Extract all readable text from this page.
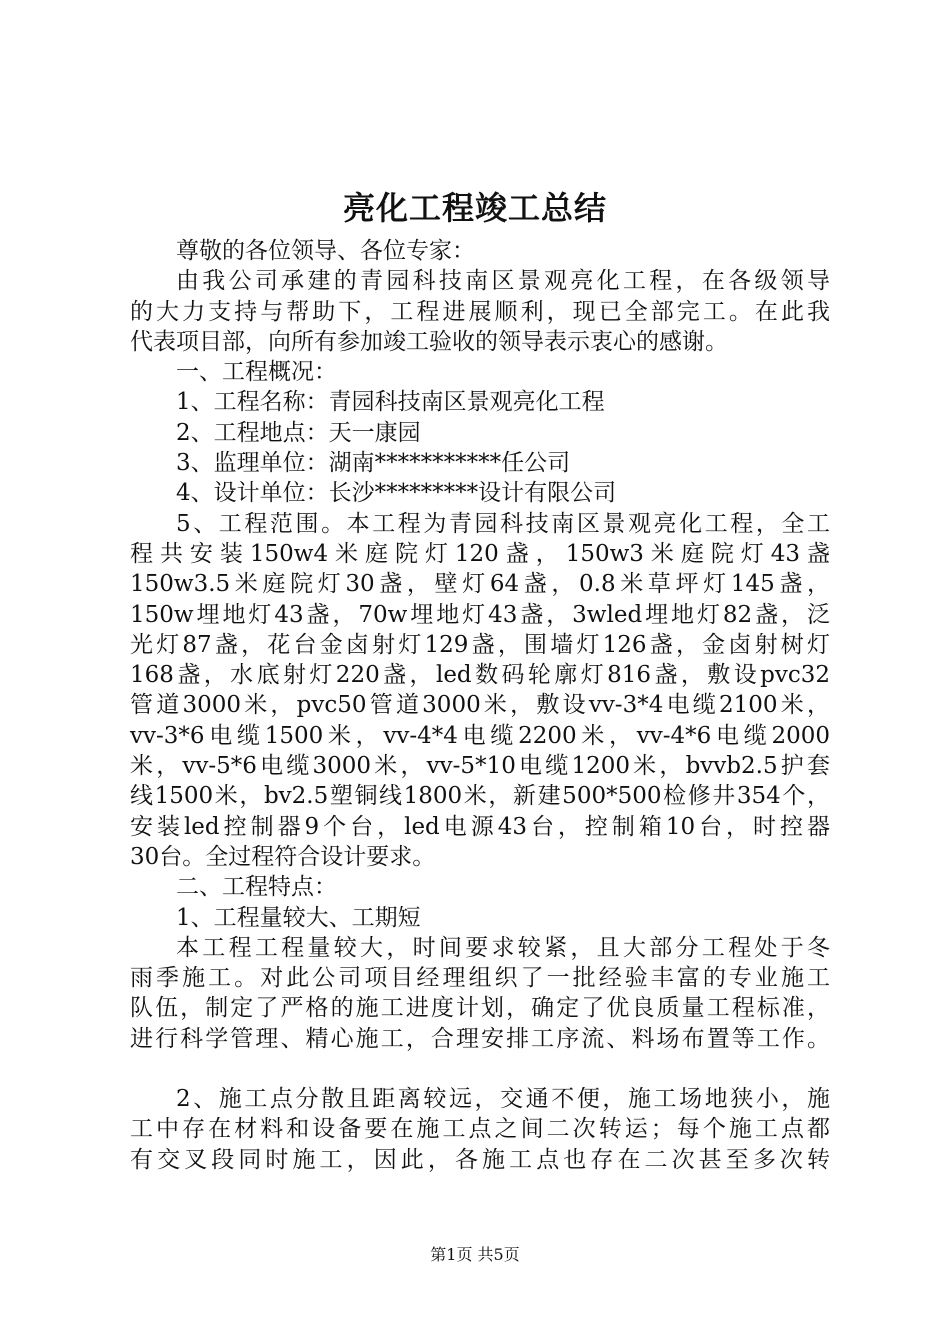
亮化工程竣工总结
尊敬的各位领导、各位专家：
由我公司承建的青园科技南区景观亮化工程，在各级领导
的大力支持与帮助下，工程进展顺利，现已全部完工。在此我
代表项目部，向所有参加竣工验收的领导表示衷心的感谢。
一、工程概况：
1、工程名称：青园科技南区景观亮化工程
2、工程地点：天一康园
3、监理单位：湖南***********任公司
4、设计单位：长沙*********设计有限公司
5、工程范围。本工程为青园科技南区景观亮化工程，全工
程共安装150w4米庭院灯120盏，150w3米庭院灯43盏
150w3.5米庭院灯30盏，壁灯64盏，0.8米草坪灯145盏，
150w埋地灯43盏，70w埋地灯43盏，3wled埋地灯82盏，泛
光灯87盏，花台金卤射灯129盏，围墙灯126盏，金卤射树灯
168盏，水底射灯220盏，led数码轮廓灯816盏，敷设pvc32
管道3000米，pvc50管道3000米，敷设vv-3*4电缆2100米，
vv-3*6电缆1500米，vv-4*4电缆2200米，vv-4*6电缆2000
米，vv-5*6电缆3000米，vv-5*10电缆1200米，bvvb2.5护套
线1500米，bv2.5塑铜线1800米，新建500*500检修井354个，
安装led控制器9个台，led电源43台，控制箱10台，时控器
30台。全过程符合设计要求。
二、工程特点：
1、工程量较大、工期短
本工程工程量较大，时间要求较紧，且大部分工程处于冬
雨季施工。对此公司项目经理组织了一批经验丰富的专业施工
队伍，制定了严格的施工进度计划，确定了优良质量工程标准，
进行科学管理、精心施工，合理安排工序流、料场布置等工作。
2、施工点分散且距离较远，交通不便，施工场地狭小，施
工中存在材料和设备要在施工点之间二次转运；每个施工点都
有交叉段同时施工，因此，各施工点也存在二次甚至多次转
第1页 共5页
